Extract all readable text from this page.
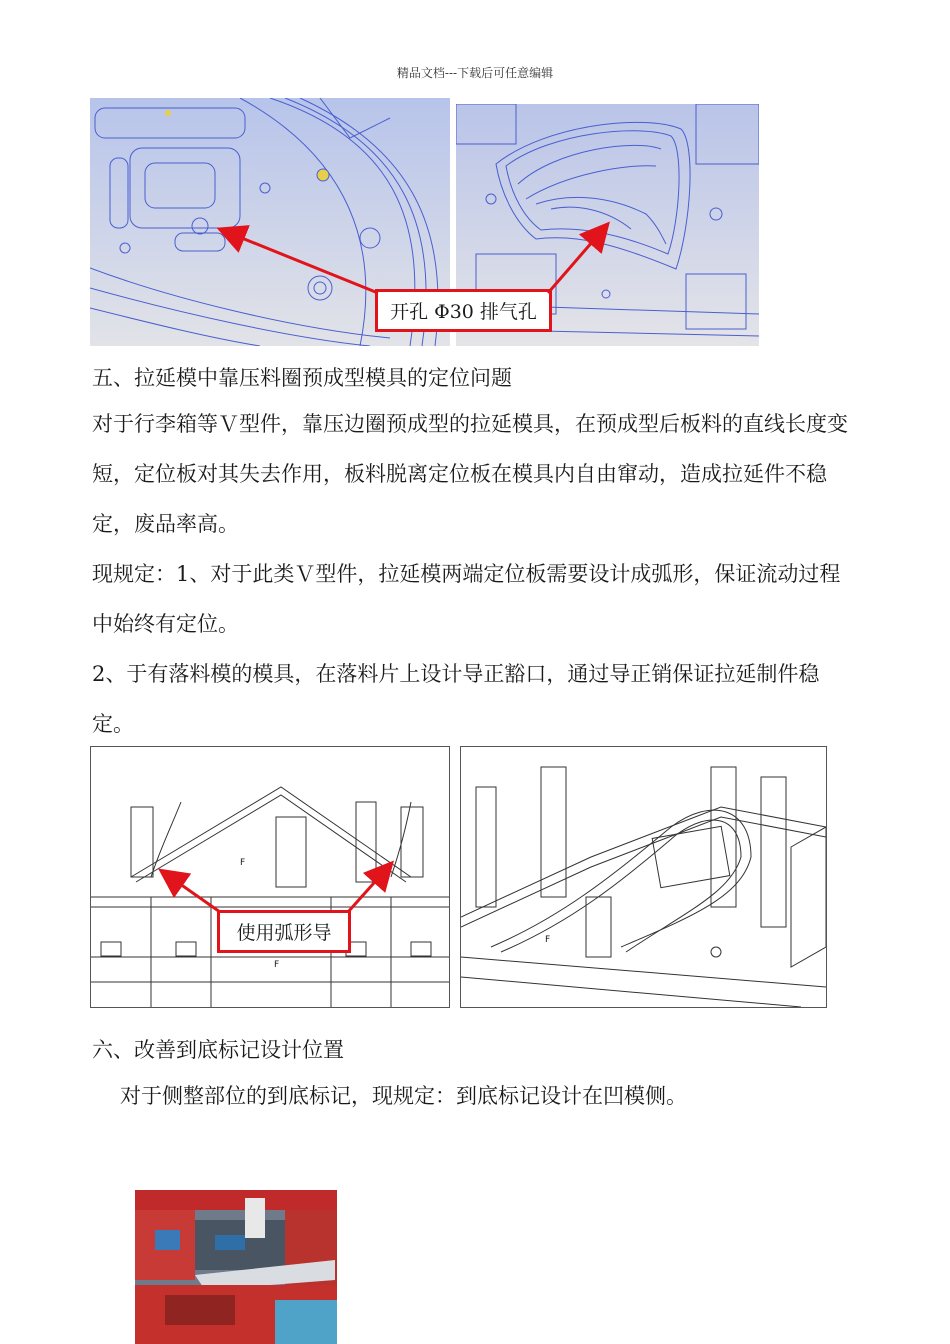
精品文档---下载后可任意编辑
开孔 Φ30 排气孔
五、拉延模中靠压料圈预成型模具的定位问题
对于行李箱等Ｖ型件，靠压边圈预成型的拉延模具，在预成型后板料的直线长度变短，定位板对其失去作用，板料脱离定位板在模具内自由窜动，造成拉延件不稳定，废品率高。
现规定：1、对于此类Ｖ型件，拉延模两端定位板需要设计成弧形，保证流动过程中始终有定位。
2、于有落料模的模具，在落料片上设计导正豁口，通过导正销保证拉延制件稳定。
F
F
F
使用弧形导
六、改善到底标记设计位置
对于侧整部位的到底标记，现规定：到底标记设计在凹模侧。
